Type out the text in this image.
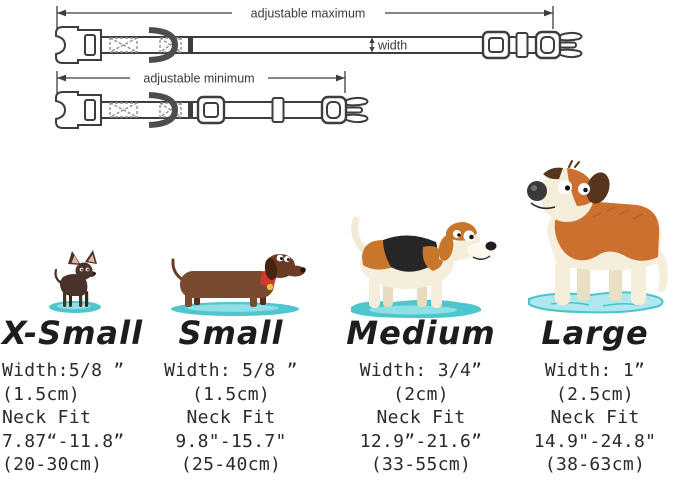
adjustable maximum
width
adjustable minimum
X-Small
Width:5/8 ”
(1.5cm)
Neck Fit
7.87“-11.8”
(20-30cm)
Small
Width: 5/8 ”
(1.5cm)
Neck Fit
9.8"-15.7"
(25-40cm)
Medium
Width: 3/4”
(2cm)
Neck Fit
12.9”-21.6”
(33-55cm)
Large
Width: 1”
(2.5cm)
Neck Fit
14.9"-24.8"
(38-63cm)
